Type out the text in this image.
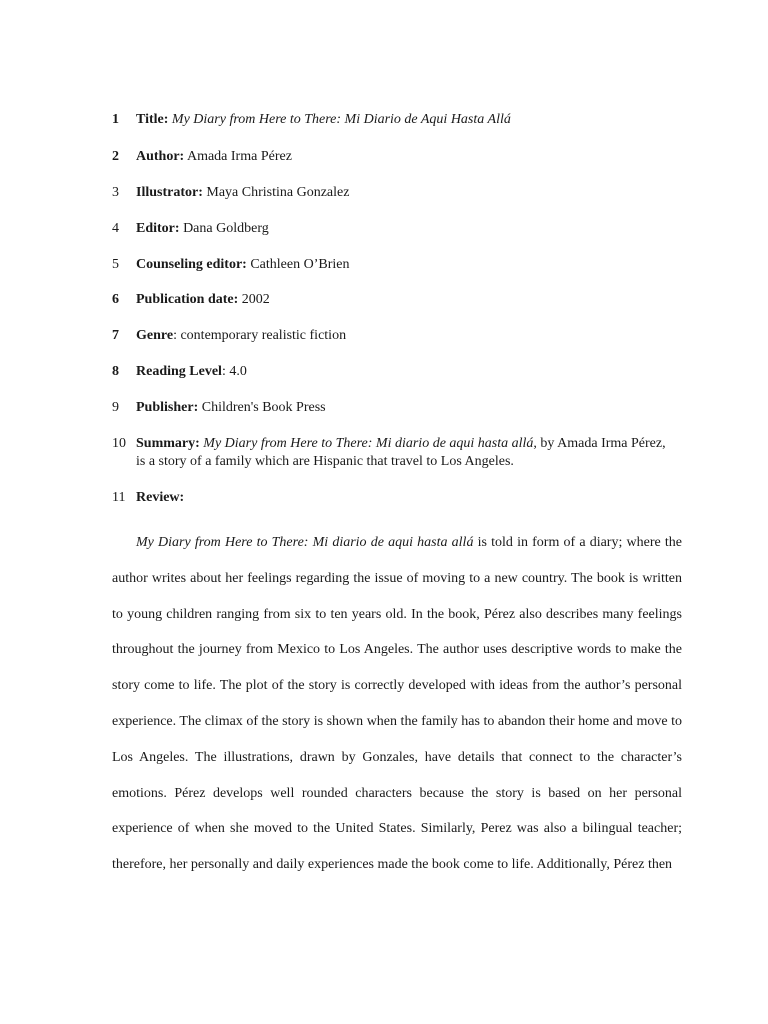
1	Title: My Diary from Here to There: Mi Diario de Aqui Hasta Allá
2	Author: Amada Irma Pérez
3	Illustrator: Maya Christina Gonzalez
4	Editor: Dana Goldberg
5	Counseling editor: Cathleen O’Brien
6	Publication date: 2002
7	Genre: contemporary realistic fiction
8	Reading Level: 4.0
9	Publisher: Children's Book Press
10 Summary: My Diary from Here to There: Mi diario de aqui hasta allá, by Amada Irma Pérez, is a story of a family which are Hispanic that travel to Los Angeles.
11 Review:

My Diary from Here to There: Mi diario de aqui hasta allá is told in form of a diary; where the author writes about her feelings regarding the issue of moving to a new country. The book is written to young children ranging from six to ten years old. In the book, Pérez also describes many feelings throughout the journey from Mexico to Los Angeles. The author uses descriptive words to make the story come to life. The plot of the story is correctly developed with ideas from the author’s personal experience. The climax of the story is shown when the family has to abandon their home and move to Los Angeles. The illustrations, drawn by Gonzales, have details that connect to the character’s emotions. Pérez develops well rounded characters because the story is based on her personal experience of when she moved to the United States. Similarly, Perez was also a bilingual teacher; therefore, her personally and daily experiences made the book come to life. Additionally, Pérez then
